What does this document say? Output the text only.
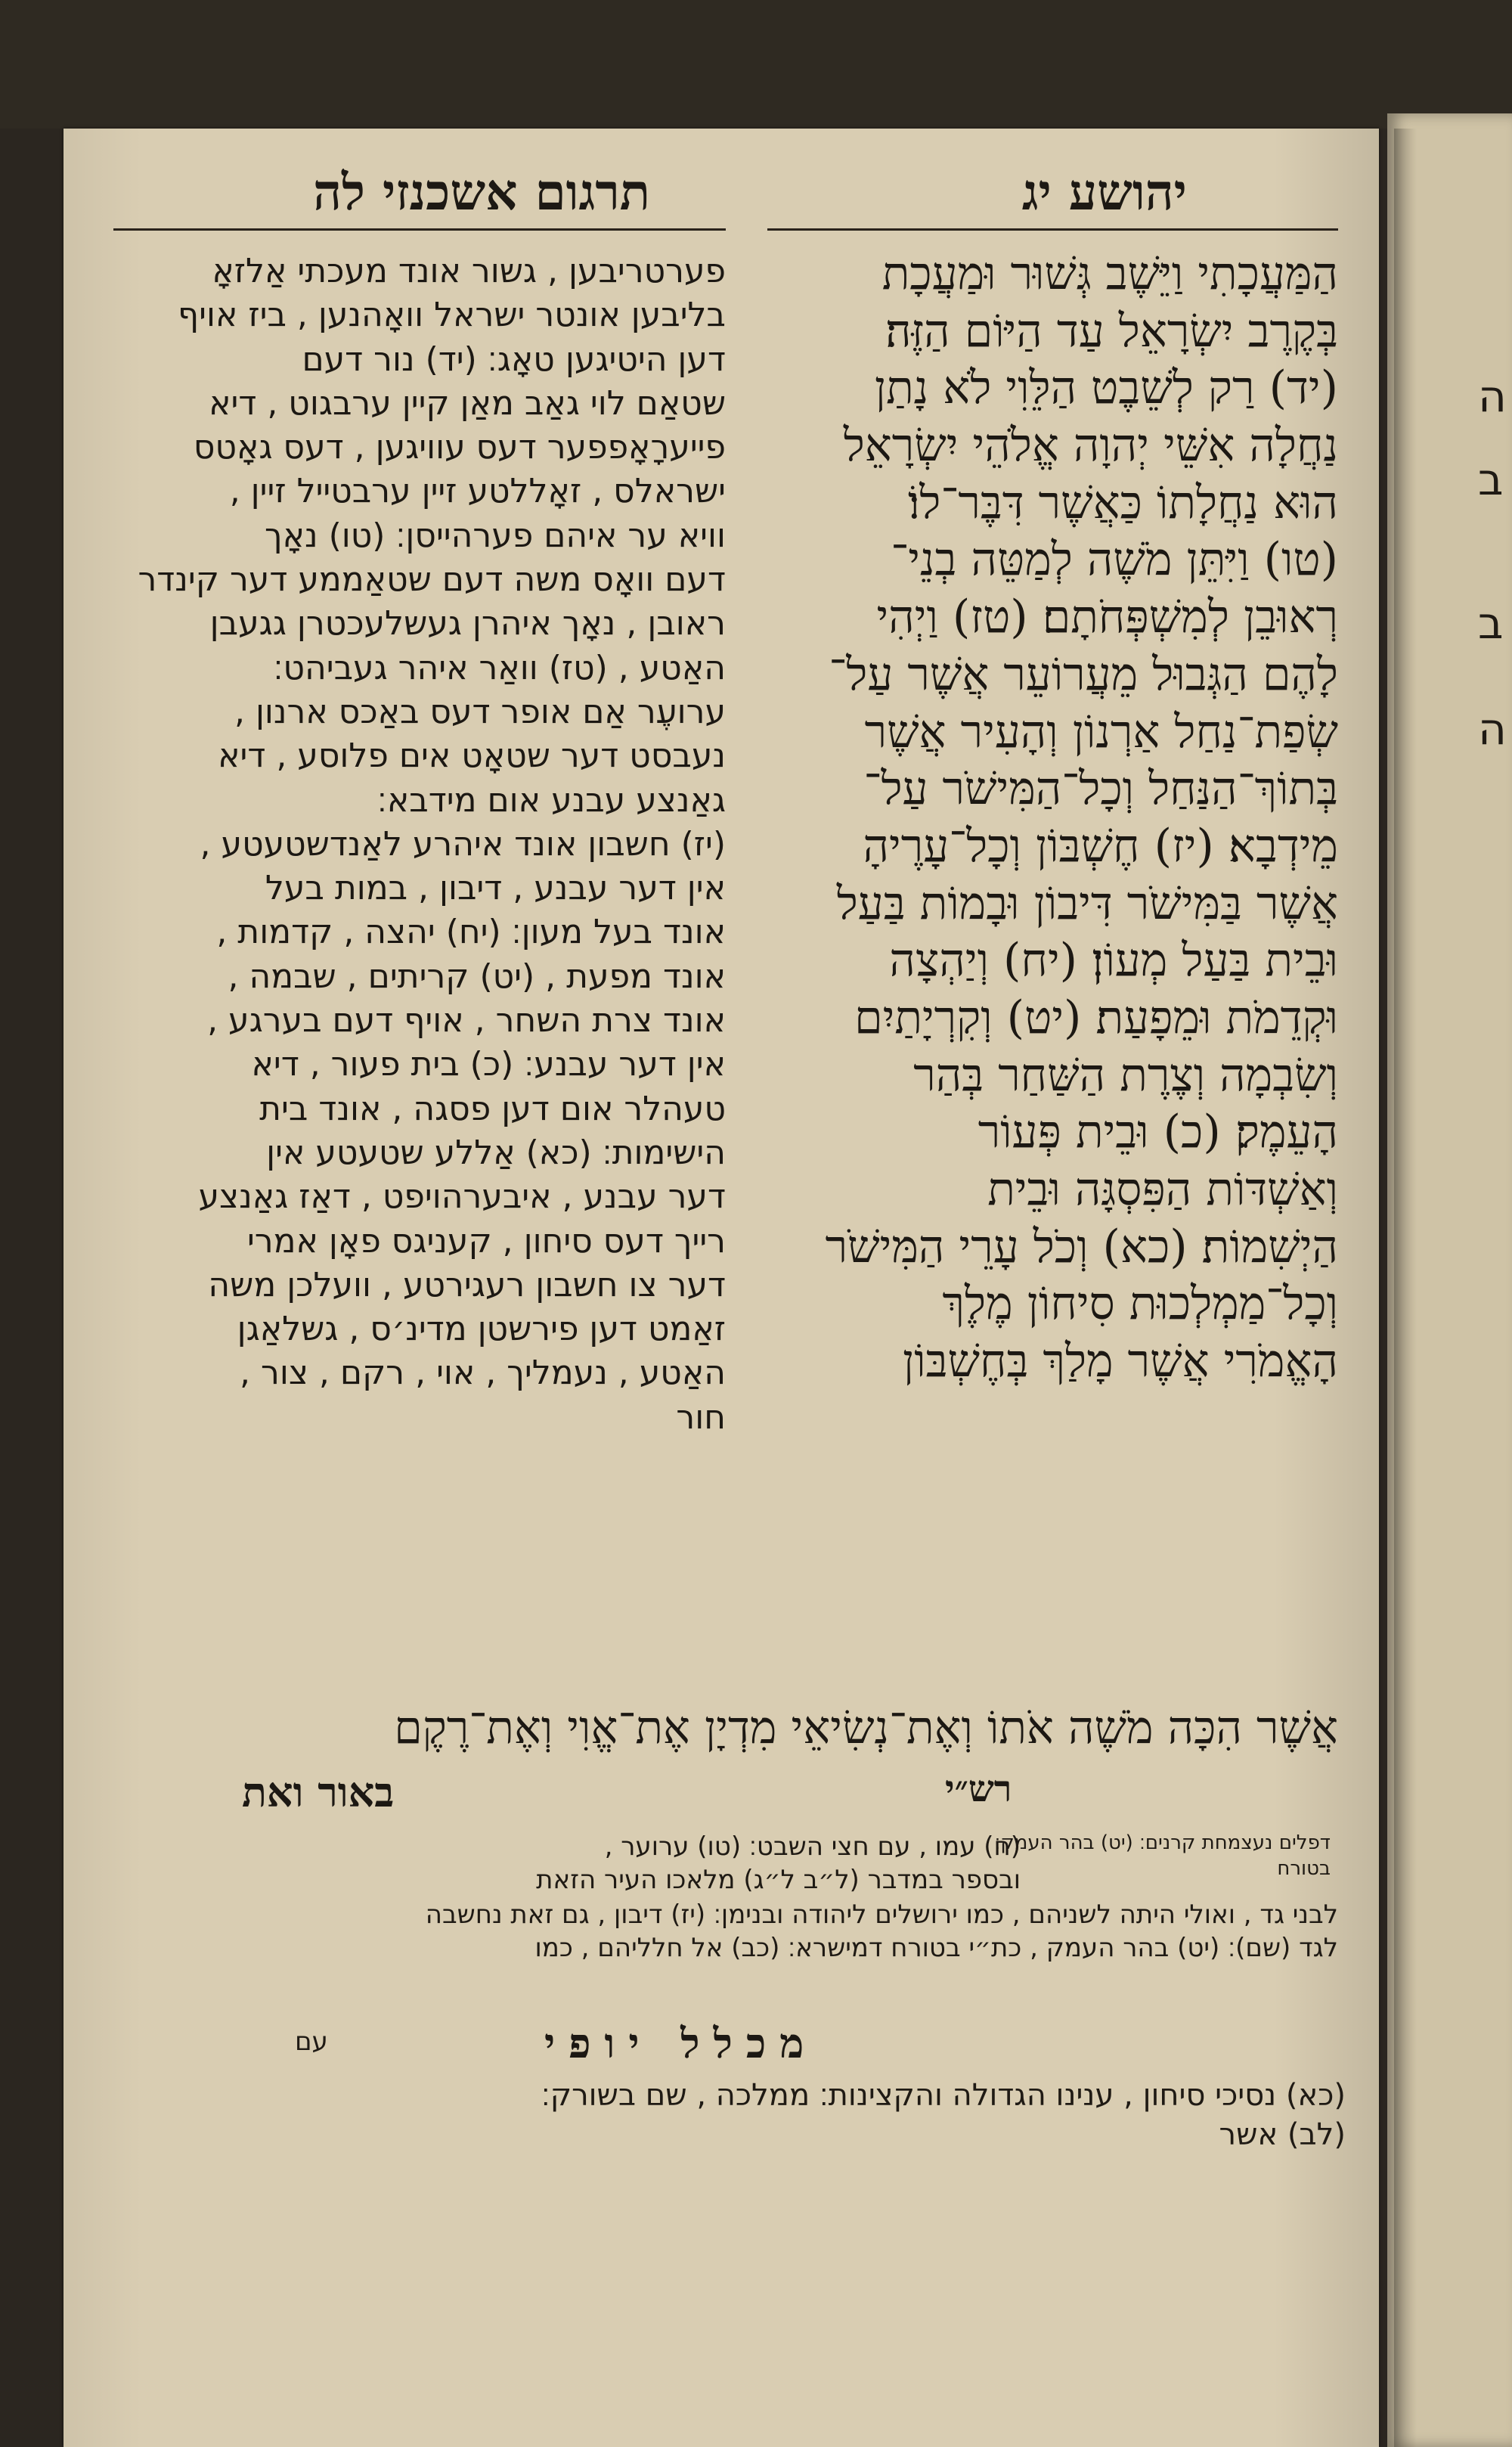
ה
ב
ב
ה
יהושע יג
תרגום אשכנזי לה
הַמַּעֲכָתִי וַיֵּשֶׁב גְּשׁוּר וּמַעֲכָת
בְּקֶרֶב יִשְׂרָאֵל עַד הַיּוֹם הַזֶּה׃
(יד) רַק לְשֵׁבֶט הַלֵּוִי לֹא נָתַן
נַחֲלָה אִשֵּׁי יְהוָה אֱלֹהֵי יִשְׂרָאֵל
הוּא נַחֲלָתוֹ כַּאֲשֶׁר דִּבֶּר־לוֹ׃
(טו) וַיִּתֵּן מֹשֶׁה לְמַטֵּה בְנֵי־
רְאוּבֵן לְמִשְׁפְּחֹתָם׃ (טז) וַיְהִי
לָהֶם הַגְּבוּל מֵעֲרוֹעֵר אֲשֶׁר עַל־
שְׂפַת־נַחַל אַרְנוֹן וְהָעִיר אֲשֶׁר
בְּתוֹךְ־הַנַּחַל וְכָל־הַמִּישֹׁר עַל־
מֵידְבָא׃ (יז) חֶשְׁבּוֹן וְכָל־עָרֶיהָ
אֲשֶׁר בַּמִּישֹׁר דִּיבוֹן וּבָמוֹת בַּעַל
וּבֵית בַּעַל מְעוֹן׃ (יח) וְיַהְצָה
וּקְדֵמֹת וּמֵפָעַת׃ (יט) וְקִרְיָתַיִם
וְשִׂבְמָה וְצֶרֶת הַשַּׁחַר בְּהַר
הָעֵמֶק׃ (כ) וּבֵית פְּעוֹר
וְאַשְׁדּוֹת הַפִּסְגָּה וּבֵית
הַיְשִׁמוֹת׃ (כא) וְכֹל עָרֵי הַמִּישֹׁר
וְכָל־מַמְלְכוּת סִיחוֹן מֶלֶךְ
הָאֱמֹרִי אֲשֶׁר מָלַךְ בְּחֶשְׁבּוֹן
פערטריבען , גשור אונד מעכתי אַלזאָ
בליבען אונטר ישראל וואָהנען , ביז אויף
דען היטיגען טאָג׃ (יד) נור דעם
שטאַם לוי גאַב מאַן קיין ערבגוט , דיא
פייערָאָפפער דעס עוויגען , דעס גאָטס
ישראלס , זאָללטע זיין ערבטייל זיין ,
וויא ער איהם פערהייסן׃ (טו) נאָך
דעם וואָס משה דעם שטאַממע דער קינדר
ראובן , נאָך איהרן געשלעכטרן גגעבן
האַטע , (טז) וואַר איהר געביהט׃
ערועֶר אַם אופר דעס באַכס ארנון ,
נעבסט דער שטאָט אים פלוסע , דיא
גאַנצע עבנע אום מידבא׃
(יז) חשבון אונד איהרע לאַנדשטעטע ,
אין דער עבנע , דיבון , במות בעל
אונד בעל מעון׃ (יח) יהצה , קדמות ,
אונד מפעת , (יט) קריתים , שבמה ,
אונד צרת השחר , אויף דעם בערגע ,
אין דער עבנע׃ (כ) בית פעור , דיא
טעהלר אום דען פסגה , אונד בית
הישימות׃ (כא) אַללע שטעטע אין
דער עבנע , איבערהויפט , דאַז גאַנצע
רייך דעס סיחון , קעניגס פאָן אמרי
דער צו חשבון רעגירטע , וועלכן משה
זאַמט דען פירשטן מדינ׳ס , גשלאַגן
האַטע , נעמליך , אוי , רקם , צור ,
חור
אֲשֶׁר הִכָּה מֹשֶׁה אֹתוֹ וְאֶת־נְשִׂיאֵי מִדְיָן אֶת־אֱוִי וְאֶת־רֶקֶם
רש״י
באור ואת
דפלים נעצמחת קרנים׃ (יט) בהר העמק׃
בטורח
(ח) עמו , עם חצי השבט׃ (טו) ערוער ,
ובספר במדבר (ל״ב ל״ג) מלאכו העיר הזאת
לבני גד , ואולי היתה לשניהם , כמו ירושלים ליהודה ובנימן׃ (יז) דיבון , גם זאת נחשבה
לגד (שם)׃ (יט) בהר העמק , כת״י בטורח דמישרא׃ (כב) אל חלליהם , כמו
מכלל יופי
עם
(כא) נסיכי סיחון , ענינו הגדולה והקצינות׃ ממלכה , שם בשורק׃
(לב) אשר
